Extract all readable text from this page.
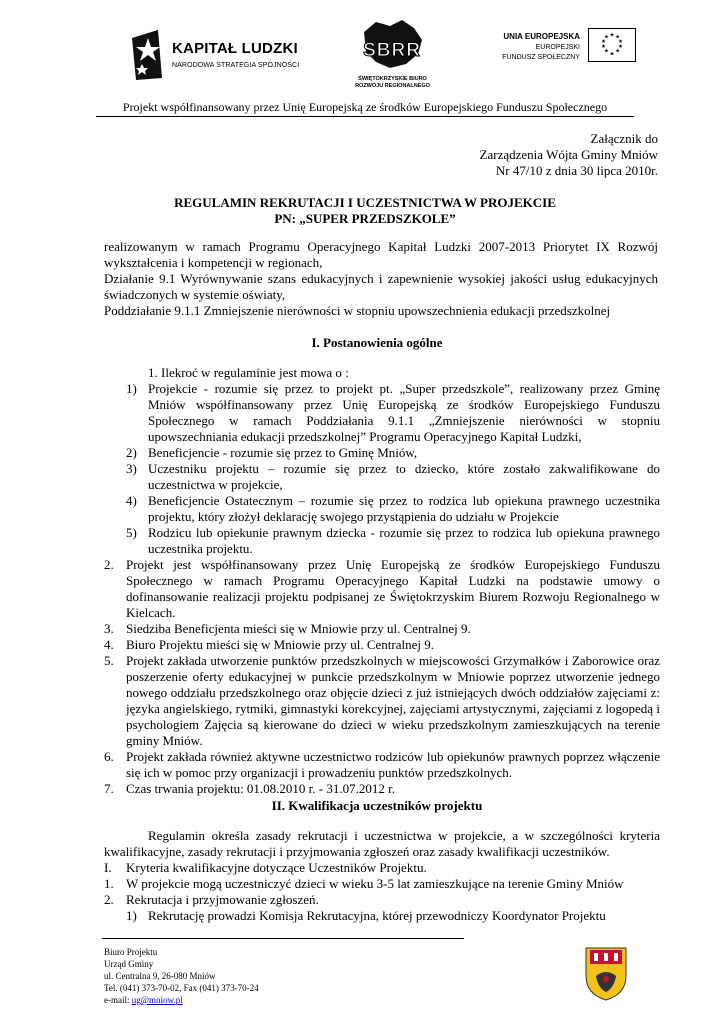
KAPITAŁ LUDZKI
NARODOWA STRATEGIA SPÓJNOŚCI
SBRR
ŚWIĘTOKRZYSKIE BIURO
ROZWOJU REGIONALNEGO
UNIA EUROPEJSKA
EUROPEJSKI
FUNDUSZ SPOŁECZNY
★ ★
★
★
★
★
★
★
★
★
Projekt współfinansowany przez Unię Europejską ze środków Europejskiego Funduszu Społecznego
Załącznik do
Zarządzenia Wójta Gminy Mniów
Nr 47/10 z dnia 30 lipca 2010r.
REGULAMIN REKRUTACJI I UCZESTNICTWA W PROJEKCIE
PN: „SUPER PRZEDSZKOLE”

realizowanym w ramach Programu Operacyjnego Kapitał Ludzki 2007-2013 Priorytet IX Rozwój wykształcenia i kompetencji w regionach,

Działanie 9.1 Wyrównywanie szans edukacyjnych i zapewnienie wysokiej jakości usług edukacyjnych świadczonych w systemie oświaty,

Poddziałanie 9.1.1 Zmniejszenie nierówności w stopniu upowszechnienia edukacji przedszkolnej

I. Postanowienia ogólne
1. Ilekroć w regulaminie jest mowa o :
1) Projekcie - rozumie się przez to projekt pt. „Super przedszkole”, realizowany przez Gminę Mniów współfinansowany przez Unię Europejską ze środków Europejskiego Funduszu Społecznego w ramach Poddziałania 9.1.1 „Zmniejszenie nierówności w stopniu upowszechniania edukacji przedszkolnej” Programu Operacyjnego Kapitał Ludzki,
2) Beneficjencie - rozumie się przez to Gminę Mniów,
3) Uczestniku projektu – rozumie się przez to dziecko, które zostało zakwalifikowane do uczestnictwa w projekcie,
4) Beneficjencie Ostatecznym – rozumie się przez to rodzica lub opiekuna prawnego uczestnika projektu, który złożył deklarację swojego przystąpienia do udziału w Projekcie
5) Rodzicu lub opiekunie prawnym dziecka - rozumie się przez to rodzica lub opiekuna prawnego uczestnika projektu.
2. Projekt jest współfinansowany przez Unię Europejską ze środków Europejskiego Funduszu Społecznego w ramach Programu Operacyjnego Kapitał Ludzki na podstawie umowy o dofinansowanie realizacji projektu podpisanej ze Świętokrzyskim Biurem Rozwoju Regionalnego w Kielcach.
3. Siedziba Beneficjenta mieści się w Mniowie przy ul. Centralnej 9.
4. Biuro Projektu mieści się w Mniowie przy ul. Centralnej 9.
5. Projekt zakłada utworzenie punktów przedszkolnych w miejscowości Grzymałków i Zaborowice oraz poszerzenie oferty edukacyjnej w punkcie przedszkolnym w Mniowie poprzez utworzenie jednego nowego oddziału przedszkolnego oraz objęcie dzieci z już istniejących dwóch oddziałów zajęciami z: języka angielskiego, rytmiki, gimnastyki korekcyjnej, zajęciami artystycznymi, zajęciami z logopedą i psychologiem Zajęcia są kierowane do dzieci w wieku przedszkolnym zamieszkujących na terenie gminy Mniów.
6. Projekt zakłada również aktywne uczestnictwo rodziców lub opiekunów prawnych poprzez włączenie się ich w pomoc przy organizacji i prowadzeniu punktów przedszkolnych.
7. Czas trwania projektu: 01.08.2010 r. - 31.07.2012 r.
II. Kwalifikacja uczestników projektu

Regulamin określa zasady rekrutacji i uczestnictwa w projekcie, a w szczególności kryteria kwalifikacyjne, zasady rekrutacji i przyjmowania zgłoszeń oraz zasady kwalifikacji uczestników.

I. Kryteria kwalifikacyjne dotyczące Uczestników Projektu.
1. W projekcie mogą uczestniczyć dzieci w wieku 3-5 lat zamieszkujące na terenie Gminy Mniów
2. Rekrutacja i przyjmowanie zgłoszeń.
1) Rekrutację prowadzi Komisja Rekrutacyjna, której przewodniczy Koordynator Projektu
Biuro Projektu
Urząd Gminy
ul. Centralna 9, 26-080 Mniów
Tel. (041) 373-70-02, Fax (041) 373-70-24
e-mail: ug@mniow.pl
